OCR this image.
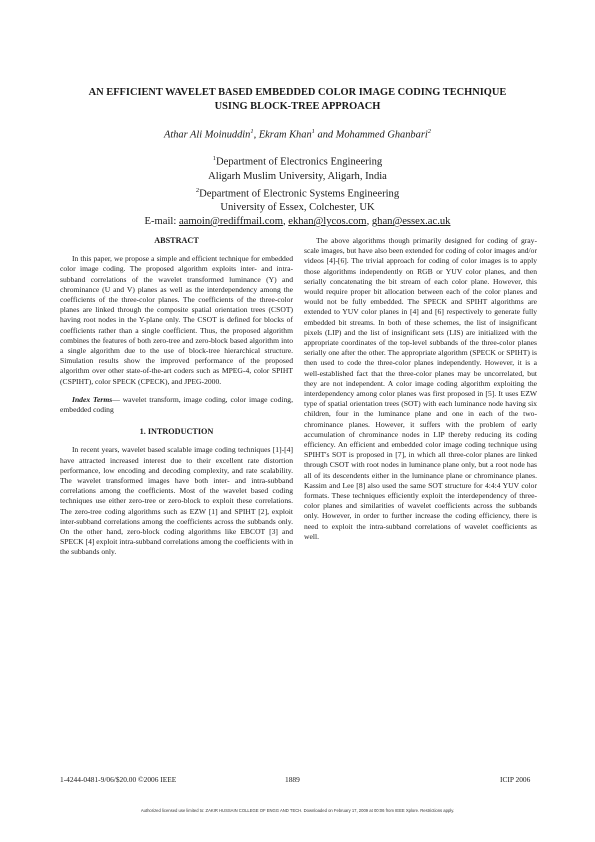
AN EFFICIENT WAVELET BASED EMBEDDED COLOR IMAGE CODING TECHNIQUE
USING BLOCK-TREE APPROACH
Athar Ali Moinuddin$^1$, Ekram Khan$^1$ and Mohammed Ghanbari$^2$
$^1$Department of Electronics Engineering
Aligarh Muslim University, Aligarh, India
$^2$Department of Electronic Systems Engineering
University of Essex, Colchester, UK
E-mail: aamoin@rediffmail.com, ekhan@lycos.com, ghan@essex.ac.uk
ABSTRACT

In this paper, we propose a simple and efficient technique for embedded color image coding. The proposed algorithm exploits inter- and intra-subband correlations of the wavelet transformed luminance (Y) and chrominance (U and V) planes as well as the interdependency among the coefficients of the three-color planes. The coefficients of the three-color planes are linked through the composite spatial orientation trees (CSOT) having root nodes in the Y-plane only. The CSOT is defined for blocks of coefficients rather than a single coefficient. Thus, the proposed algorithm combines the features of both zero-tree and zero-block based algorithm into a single algorithm due to the use of block-tree hierarchical structure. Simulation results show the improved performance of the proposed algorithm over other state-of-the-art coders such as MPEG-4, color SPIHT (CSPIHT), color SPECK (CPECK), and JPEG-2000.

Index Terms— wavelet transform, image coding, color image coding, embedded coding

1. INTRODUCTION

In recent years, wavelet based scalable image coding techniques [1]-[4] have attracted increased interest due to their excellent rate distortion performance, low encoding and decoding complexity, and rate scalability. The wavelet transformed images have both inter- and intra-subband correlations among the coefficients. Most of the wavelet based coding techniques use either zero-tree or zero-block to exploit these correlations. The zero-tree coding algorithms such as EZW [1] and SPIHT [2], exploit inter-subband correlations among the coefficients across the subbands only. On the other hand, zero-block coding algorithms like EBCOT [3] and SPECK [4] exploit intra-subband correlations among the coefficients with in the subbands only.

The above algorithms though primarily designed for coding of gray-scale images, but have also been extended for coding of color images and/or videos [4]-[6]. The trivial approach for coding of color images is to apply those algorithms independently on RGB or YUV color planes, and then serially concatenating the bit stream of each color plane. However, this would require proper bit allocation between each of the color planes and would not be fully embedded. The SPECK and SPIHT algorithms are extended to YUV color planes in [4] and [6] respectively to generate fully embedded bit streams. In both of these schemes, the list of insignificant pixels (LIP) and the list of insignificant sets (LIS) are initialized with the appropriate coordinates of the top-level subbands of the three-color planes serially one after the other. The appropriate algorithm (SPECK or SPIHT) is then used to code the three-color planes independently. However, it is a well-established fact that the three-color planes may be uncorrelated, but they are not independent. A color image coding algorithm exploiting the interdependency among color planes was first proposed in [5]. It uses EZW type of spatial orientation trees (SOT) with each luminance node having six children, four in the luminance plane and one in each of the two-chrominance planes. However, it suffers with the problem of early accumulation of chrominance nodes in LIP thereby reducing its coding efficiency. An efficient and embedded color image coding technique using SPIHT's SOT is proposed in [7], in which all three-color planes are linked through CSOT with root nodes in luminance plane only, but a root node has all of its descendents either in the luminance plane or chrominance planes. Kassim and Lee [8] also used the same SOT structure for 4:4:4 YUV color formats. These techniques efficiently exploit the interdependency of three-color planes and similarities of wavelet coefficients across the subbands only. However, in order to further increase the coding efficiency, there is need to exploit the intra-subband correlations of wavelet coefficients as well.

1-4244-0481-9/06/$20.00 ©2006 IEEE	1889	ICIP 2006
Authorized licensed use limited to: ZAKIR HUSSAIN COLLEGE OF ENGG AND TECH. Downloaded on February 17, 2009 at 00:06 from IEEE Xplore. Restrictions apply.
